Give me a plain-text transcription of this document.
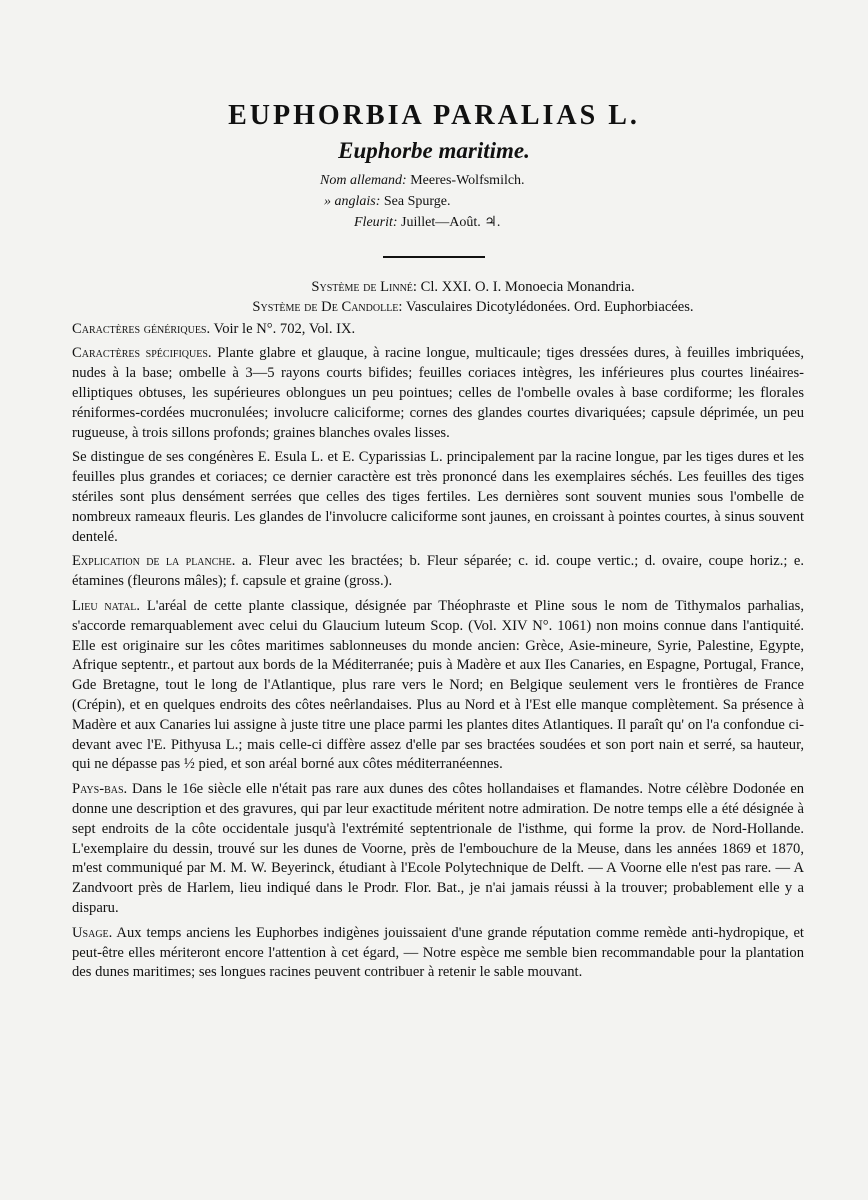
EUPHORBIA PARALIAS L.
Euphorbe maritime.
Nom allemand: Meeres-Wolfsmilch.
» anglais: Sea Spurge.
Fleurit: Juillet—Août. ♃.

Système de Linné: Cl. XXI. O. I. Monoecia Monandria.

Système de De Candolle: Vasculaires Dicotylédonées. Ord. Euphorbiacées.

Caractères génériques. Voir le N°. 702, Vol. IX.

Caractères spécifiques. Plante glabre et glauque, à racine longue, multicaule; tiges dressées dures, à feuilles imbriquées, nudes à la base; ombelle à 3—5 rayons courts bifides; feuilles coriaces intègres, les inférieures plus courtes linéaires-elliptiques obtuses, les supérieures oblongues un peu pointues; celles de l'ombelle ovales à base cordiforme; les florales réniformes-cordées mucronulées; involucre caliciforme; cornes des glandes courtes divariquées; capsule déprimée, un peu rugueuse, à trois sillons profonds; graines blanches ovales lisses.

Se distingue de ses congénères E. Esula L. et E. Cyparissias L. principalement par la racine longue, par les tiges dures et les feuilles plus grandes et coriaces; ce dernier caractère est très prononcé dans les exemplaires séchés. Les feuilles des tiges stériles sont plus densément serrées que celles des tiges fertiles. Les dernières sont souvent munies sous l'ombelle de nombreux rameaux fleuris. Les glandes de l'involucre caliciforme sont jaunes, en croissant à pointes courtes, à sinus souvent dentelé.

Explication de la planche. a. Fleur avec les bractées; b. Fleur séparée; c. id. coupe vertic.; d. ovaire, coupe horiz.; e. étamines (fleurons mâles); f. capsule et graine (gross.).

Lieu natal. L'aréal de cette plante classique, désignée par Théophraste et Pline sous le nom de Tithymalos parhalias, s'accorde remarquablement avec celui du Glaucium luteum Scop. (Vol. XIV N°. 1061) non moins connue dans l'antiquité. Elle est originaire sur les côtes maritimes sablonneuses du monde ancien: Grèce, Asie-mineure, Syrie, Palestine, Egypte, Afrique septentr., et partout aux bords de la Méditerranée; puis à Madère et aux Iles Canaries, en Espagne, Portugal, France, Gde Bretagne, tout le long de l'Atlantique, plus rare vers le Nord; en Belgique seulement vers le frontières de France (Crépin), et en quelques endroits des côtes neêrlandaises. Plus au Nord et à l'Est elle manque complètement. Sa présence à Madère et aux Canaries lui assigne à juste titre une place parmi les plantes dites Atlantiques. Il paraît qu' on l'a confondue ci-devant avec l'E. Pithyusa L.; mais celle-ci diffère assez d'elle par ses bractées soudées et son port nain et serré, sa hauteur, qui ne dépasse pas ½ pied, et son aréal borné aux côtes méditerranéennes.

Pays-bas. Dans le 16e siècle elle n'était pas rare aux dunes des côtes hollandaises et flamandes. Notre célèbre Dodonée en donne une description et des gravures, qui par leur exactitude méritent notre admiration. De notre temps elle a été désignée à sept endroits de la côte occidentale jusqu'à l'extrémité septentrionale de l'isthme, qui forme la prov. de Nord-Hollande. L'exemplaire du dessin, trouvé sur les dunes de Voorne, près de l'embouchure de la Meuse, dans les années 1869 et 1870, m'est communiqué par M. M. W. Beyerinck, étudiant à l'Ecole Polytechnique de Delft. — A Voorne elle n'est pas rare. — A Zandvoort près de Harlem, lieu indiqué dans le Prodr. Flor. Bat., je n'ai jamais réussi à la trouver; probablement elle y a disparu.

Usage. Aux temps anciens les Euphorbes indigènes jouissaient d'une grande réputation comme remède anti-hydropique, et peut-être elles mériteront encore l'attention à cet égard, — Notre espèce me semble bien recommandable pour la plantation des dunes maritimes; ses longues racines peuvent contribuer à retenir le sable mouvant.
